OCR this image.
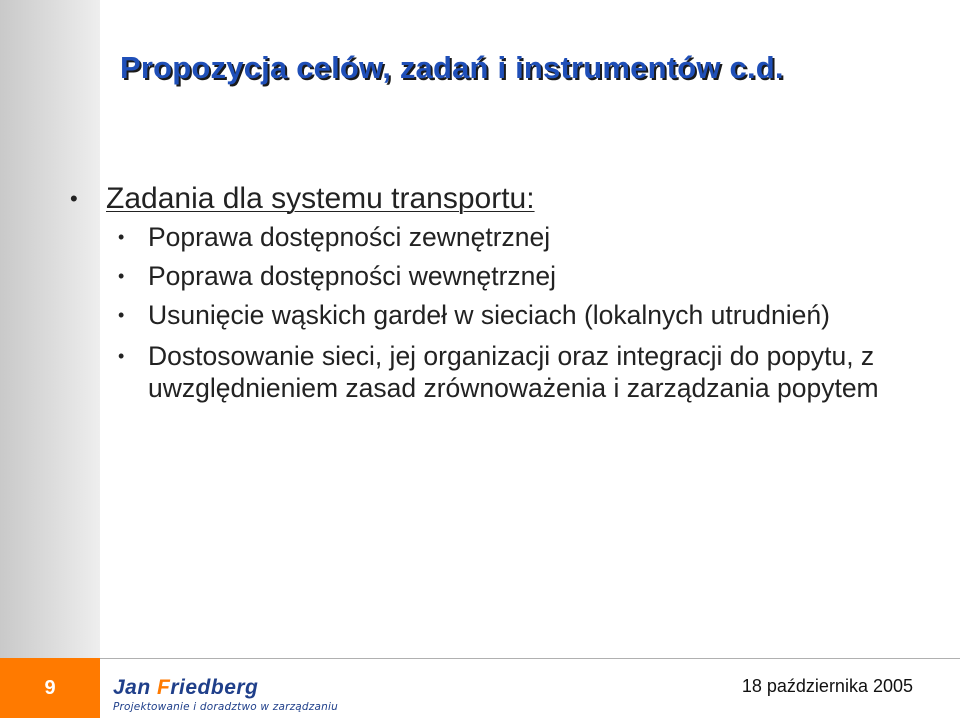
Propozycja celów, zadań i instrumentów c.d.
• Zadania dla systemu transportu:
• Poprawa dostępności zewnętrznej
• Poprawa dostępności wewnętrznej
• Usunięcie wąskich gardeł w sieciach (lokalnych utrudnień)
• Dostosowanie sieci, jej organizacji oraz integracji do popytu, z uwzględnieniem zasad zrównoważenia i zarządzania popytem
9	Jan Friedberg
Projektowanie i doradztwo w zarządzaniu
18 października 2005
